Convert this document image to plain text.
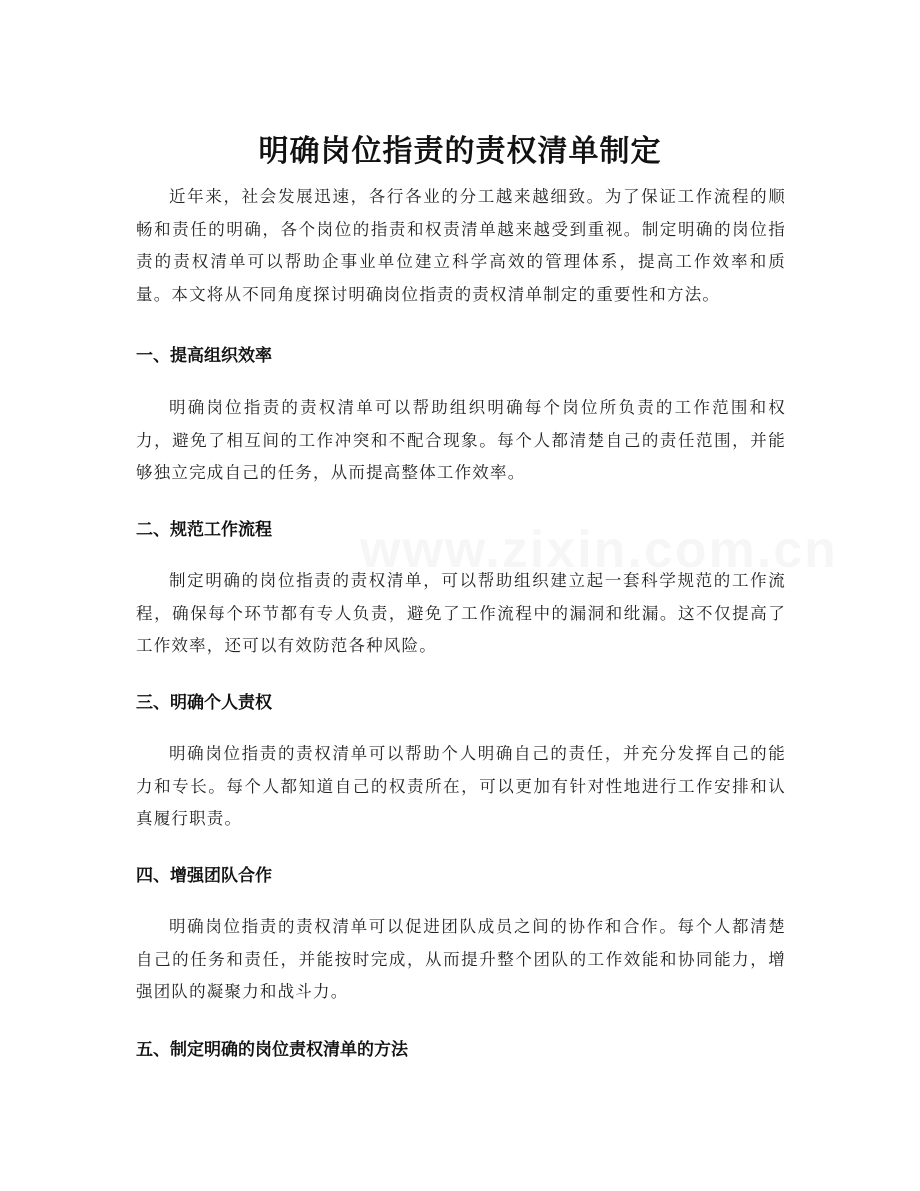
明确岗位指责的责权清单制定

近年来，社会发展迅速，各行各业的分工越来越细致。为了保证工作流程的顺畅和责任的明确，各个岗位的指责和权责清单越来越受到重视。制定明确的岗位指责的责权清单可以帮助企事业单位建立科学高效的管理体系，提高工作效率和质量。本文将从不同角度探讨明确岗位指责的责权清单制定的重要性和方法。

一、提高组织效率

明确岗位指责的责权清单可以帮助组织明确每个岗位所负责的工作范围和权力，避免了相互间的工作冲突和不配合现象。每个人都清楚自己的责任范围，并能够独立完成自己的任务，从而提高整体工作效率。

二、规范工作流程

制定明确的岗位指责的责权清单，可以帮助组织建立起一套科学规范的工作流程，确保每个环节都有专人负责，避免了工作流程中的漏洞和纰漏。这不仅提高了工作效率，还可以有效防范各种风险。

三、明确个人责权

明确岗位指责的责权清单可以帮助个人明确自己的责任，并充分发挥自己的能力和专长。每个人都知道自己的权责所在，可以更加有针对性地进行工作安排和认真履行职责。

四、增强团队合作

明确岗位指责的责权清单可以促进团队成员之间的协作和合作。每个人都清楚自己的任务和责任，并能按时完成，从而提升整个团队的工作效能和协同能力，增强团队的凝聚力和战斗力。

五、制定明确的岗位责权清单的方法
